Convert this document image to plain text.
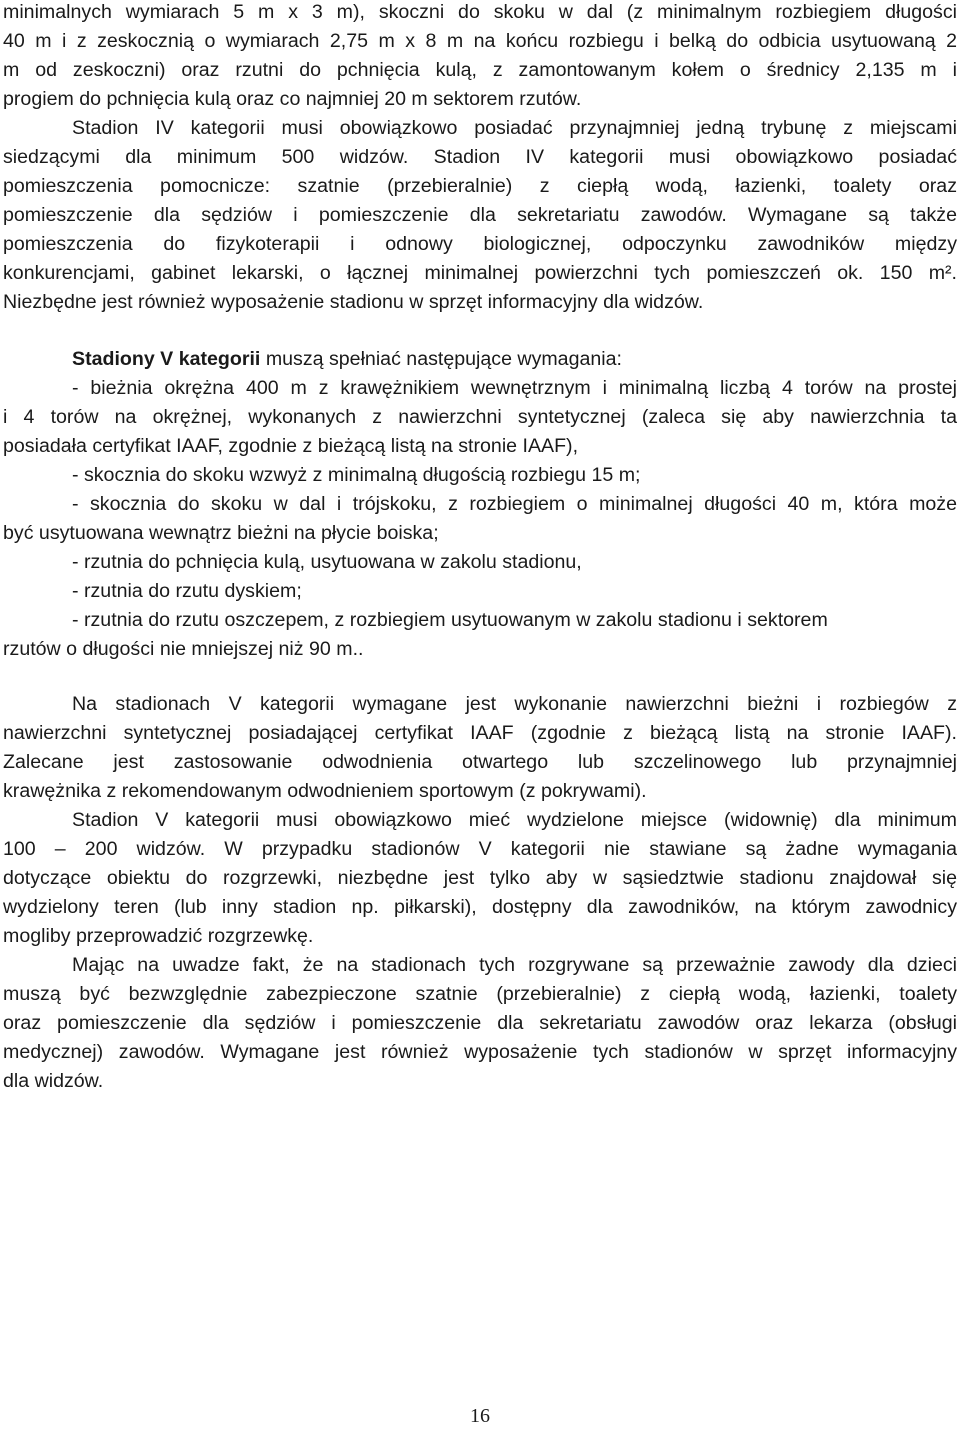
minimalnych wymiarach 5 m x 3 m), skoczni do skoku w dal (z minimalnym rozbiegiem długości
40 m i z zeskocznią o wymiarach 2,75 m x 8 m na końcu rozbiegu i belką do odbicia usytuowaną 2
m od zeskoczni) oraz rzutni do pchnięcia kulą, z zamontowanym kołem o średnicy 2,135 m i
progiem do pchnięcia kulą oraz co najmniej 20 m sektorem rzutów.
Stadion IV kategorii musi obowiązkowo posiadać przynajmniej jedną trybunę z miejscami
siedzącymi dla minimum 500 widzów. Stadion IV kategorii musi obowiązkowo posiadać
pomieszczenia pomocnicze: szatnie (przebieralnie) z ciepłą wodą, łazienki, toalety oraz
pomieszczenie dla sędziów i pomieszczenie dla sekretariatu zawodów. Wymagane są także
pomieszczenia do fizykoterapii i odnowy biologicznej, odpoczynku zawodników między
konkurencjami, gabinet lekarski, o łącznej minimalnej powierzchni tych pomieszczeń ok. 150 m².
Niezbędne jest również wyposażenie stadionu w sprzęt informacyjny dla widzów.
Stadiony V kategorii muszą spełniać następujące wymagania:
- bieżnia okrężna 400 m z krawężnikiem wewnętrznym i minimalną liczbą 4 torów na prostej
i 4 torów na okrężnej, wykonanych z nawierzchni syntetycznej (zaleca się aby nawierzchnia ta
posiadała certyfikat IAAF, zgodnie z bieżącą listą na stronie IAAF),
- skocznia do skoku wzwyż z minimalną długością rozbiegu 15 m;
- skocznia do skoku w dal i trójskoku, z rozbiegiem o minimalnej długości 40 m, która może
być usytuowana wewnątrz bieżni na płycie boiska;
- rzutnia do pchnięcia kulą, usytuowana w zakolu stadionu,
- rzutnia do rzutu dyskiem;
- rzutnia do rzutu oszczepem, z rozbiegiem usytuowanym w zakolu stadionu i sektorem
rzutów o długości nie mniejszej niż 90 m..
Na stadionach V kategorii wymagane jest wykonanie nawierzchni bieżni i rozbiegów z
nawierzchni syntetycznej posiadającej certyfikat IAAF (zgodnie z bieżącą listą na stronie IAAF).
Zalecane jest zastosowanie odwodnienia otwartego lub szczelinowego lub przynajmniej
krawężnika z rekomendowanym odwodnieniem sportowym (z pokrywami).
Stadion V kategorii musi obowiązkowo mieć wydzielone miejsce (widownię) dla minimum
100 – 200 widzów. W przypadku stadionów V kategorii nie stawiane są żadne wymagania
dotyczące obiektu do rozgrzewki, niezbędne jest tylko aby w sąsiedztwie stadionu znajdował się
wydzielony teren (lub inny stadion np. piłkarski), dostępny dla zawodników, na którym zawodnicy
mogliby przeprowadzić rozgrzewkę.
Mając na uwadze fakt, że na stadionach tych rozgrywane są przeważnie zawody dla dzieci
muszą być bezwzględnie zabezpieczone szatnie (przebieralnie) z ciepłą wodą, łazienki, toalety
oraz pomieszczenie dla sędziów i pomieszczenie dla sekretariatu zawodów oraz lekarza (obsługi
medycznej) zawodów. Wymagane jest również wyposażenie tych stadionów w sprzęt informacyjny
dla widzów.
16
